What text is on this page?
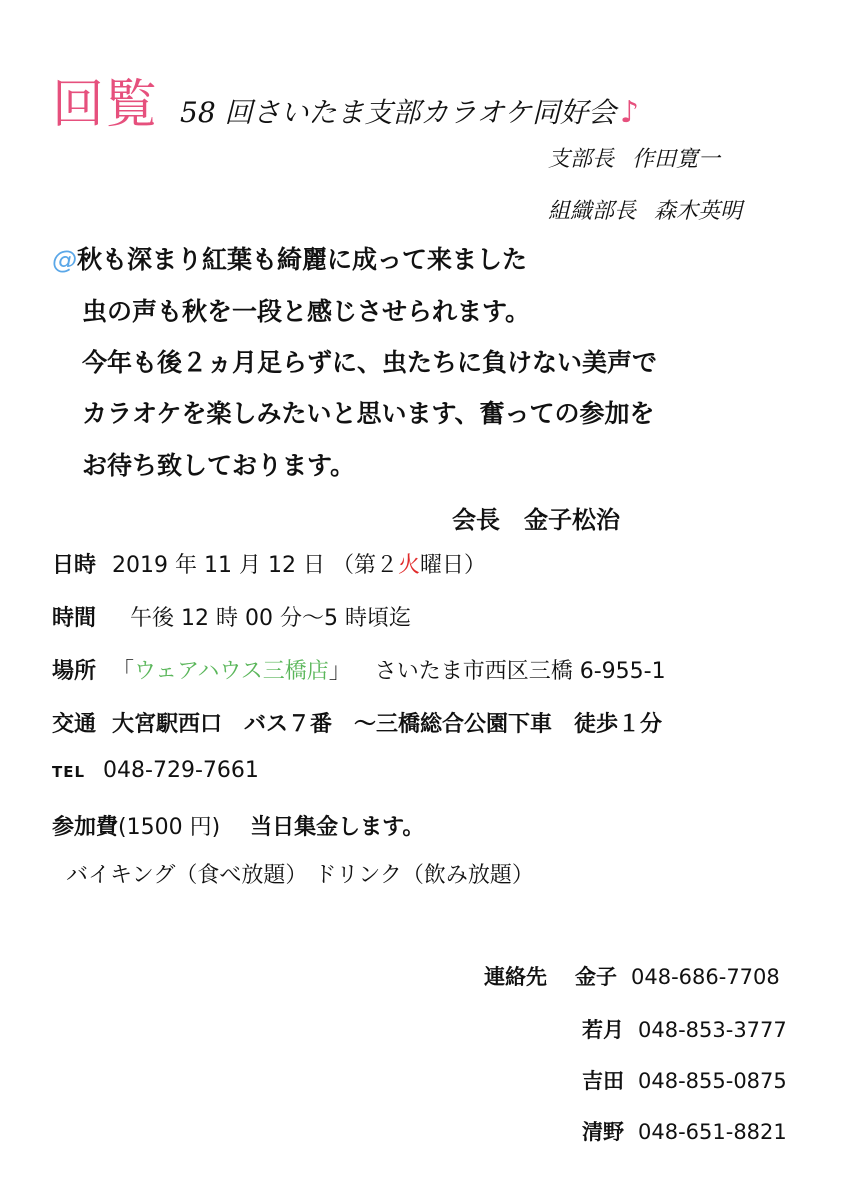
回覧 58 回さいたま支部カラオケ同好会 ♪
支部長 作田寛一
組織部長 森木英明
@秋も深まり紅葉も綺麗に成って来ました
虫の声も秋を一段と感じさせられます。
今年も後２ヵ月足らずに、虫たちに負けない美声で
カラオケを楽しみたいと思います、奮っての参加を
お待ち致しております。
会長 金子松治
日時 2019 年 11 月 12 日 （第２火曜日）
時間 午後 12 時 00 分～5 時頃迄
場所 「ウェアハウス三橋店」 さいたま市西区三橋 6-955-1
交通 大宮駅西口　バス７番　～三橋総合公園下車　徒歩１分
TEL 048-729-7661
参加費(1500 円) 当日集金します。
バイキング（食べ放題） ドリンク（飲み放題）
連絡先 金子 048-686-7708
若月 048-853-3777
吉田 048-855-0875
清野 048-651-8821
